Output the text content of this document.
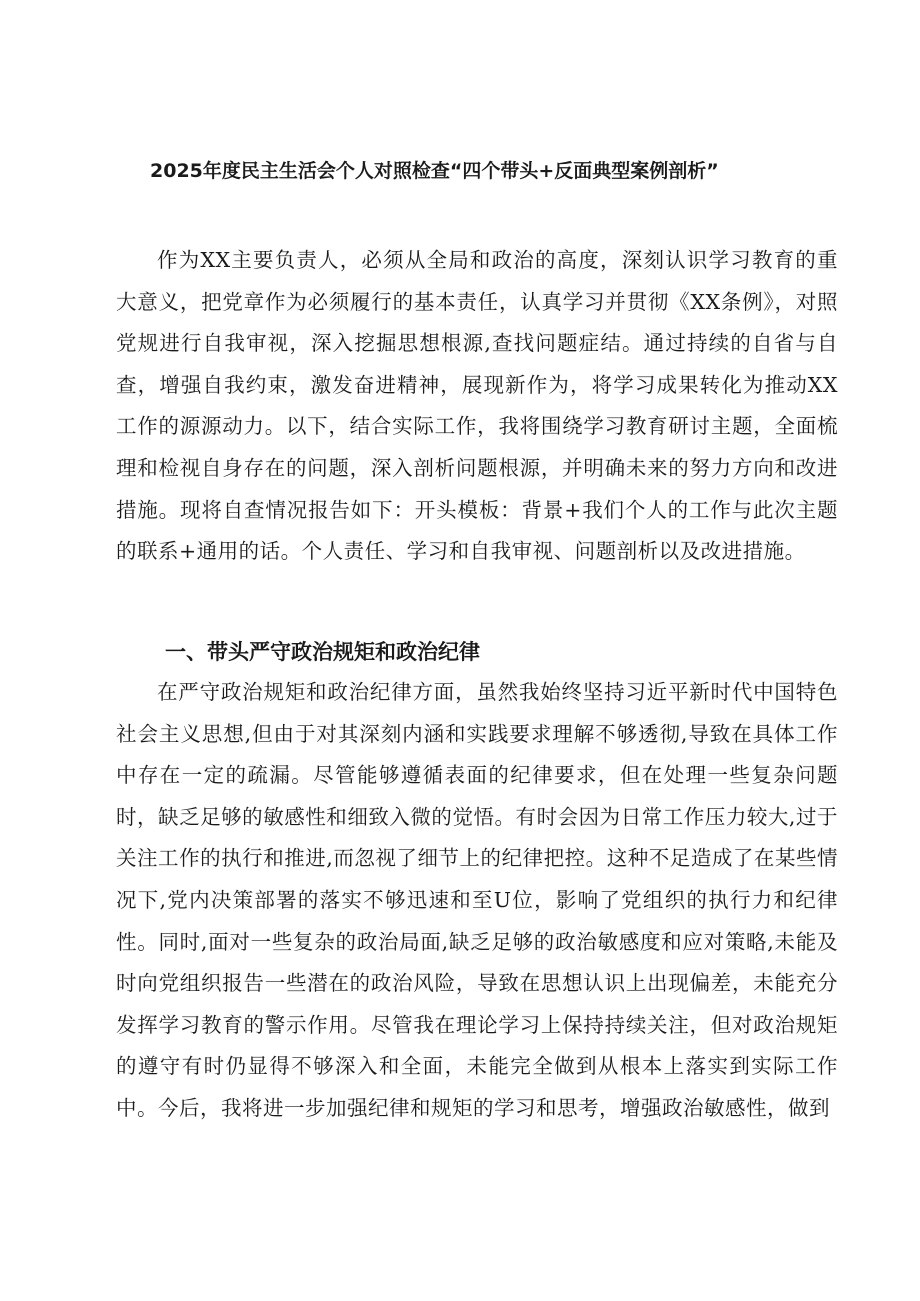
2025年度民主生活会个人对照检查“四个带头+反面典型案例剖析”
作为XX主要负责人，必须从全局和政治的高度，深刻认识学习教育的重大意义，把党章作为必须履行的基本责任，认真学习并贯彻《XX条例》，对照党规进行自我审视，深入挖掘思想根源,查找问题症结。通过持续的自省与自查，增强自我约束，激发奋进精神，展现新作为，将学习成果转化为推动XX工作的源源动力。以下，结合实际工作，我将围绕学习教育研讨主题，全面梳理和检视自身存在的问题，深入剖析问题根源，并明确未来的努力方向和改进措施。现将自查情况报告如下：开头模板：背景+我们个人的工作与此次主题的联系+通用的话。个人责任、学习和自我审视、问题剖析以及改进措施。
一、带头严守政治规矩和政治纪律
在严守政治规矩和政治纪律方面，虽然我始终坚持习近平新时代中国特色社会主义思想,但由于对其深刻内涵和实践要求理解不够透彻,导致在具体工作中存在一定的疏漏。尽管能够遵循表面的纪律要求，但在处理一些复杂问题时，缺乏足够的敏感性和细致入微的觉悟。有时会因为日常工作压力较大,过于关注工作的执行和推进,而忽视了细节上的纪律把控。这种不足造成了在某些情况下,党内决策部署的落实不够迅速和至U位，影响了党组织的执行力和纪律性。同时,面对一些复杂的政治局面,缺乏足够的政治敏感度和应对策略,未能及时向党组织报告一些潜在的政治风险，导致在思想认识上出现偏差，未能充分发挥学习教育的警示作用。尽管我在理论学习上保持持续关注，但对政治规矩的遵守有时仍显得不够深入和全面，未能完全做到从根本上落实到实际工作中。今后，我将进一步加强纪律和规矩的学习和思考，增强政治敏感性，做到
